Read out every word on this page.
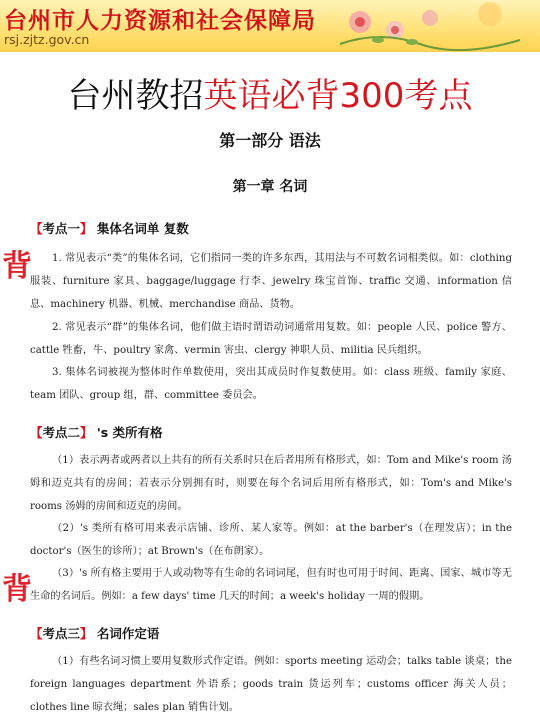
台州市人力资源和社会保障局
rsj.zjtz.gov.cn
台州教招英语必背300考点
第一部分 语法
第一章 名词
【考点一】 集体名词单 复数

1. 常见表示“类”的集体名词，它们指同一类的许多东西，其用法与不可数名词相类似。如：clothing 服装、furniture 家具、baggage/luggage 行李、jewelry 珠宝首饰、traffic 交通、information 信息、machinery 机器、机械、merchandise 商品、货物。

2. 常见表示“群”的集体名词，他们做主语时谓语动词通常用复数。如：people 人民、police 警方、cattle 牲畜，牛、poultry 家禽、vermin 害虫、clergy 神职人员、militia 民兵组织。

3. 集体名词被视为整体时作单数使用，突出其成员时作复数使用。如：class 班级、family 家庭、team 团队、group 组，群、committee 委员会。

【考点二】 's 类所有格

（1）表示两者或两者以上共有的所有关系时只在后者用所有格形式，如：Tom and Mike's room 汤姆和迈克共有的房间；若表示分别拥有时，则要在每个名词后用所有格形式，如：Tom's and Mike's rooms 汤姆的房间和迈克的房间。

（2）'s 类所有格可用来表示店铺、诊所、某人家等。例如：at the barber's（在理发店）；in the doctor's（医生的诊所）；at Brown's（在布朗家）。

（3）'s 所有格主要用于人或动物等有生命的名词词尾，但有时也可用于时间、距离、国家、城市等无生命的名词后。例如：a few days' time 几天的时间；a week's holiday 一周的假期。

【考点三】 名词作定语

（1）有些名词习惯上要用复数形式作定语。例如：sports meeting 运动会；talks table 谈桌；the foreign languages department 外语系；goods train 货运列车；customs officer 海关人员；clothes line 晾衣绳；sales plan 销售计划。

背
背
